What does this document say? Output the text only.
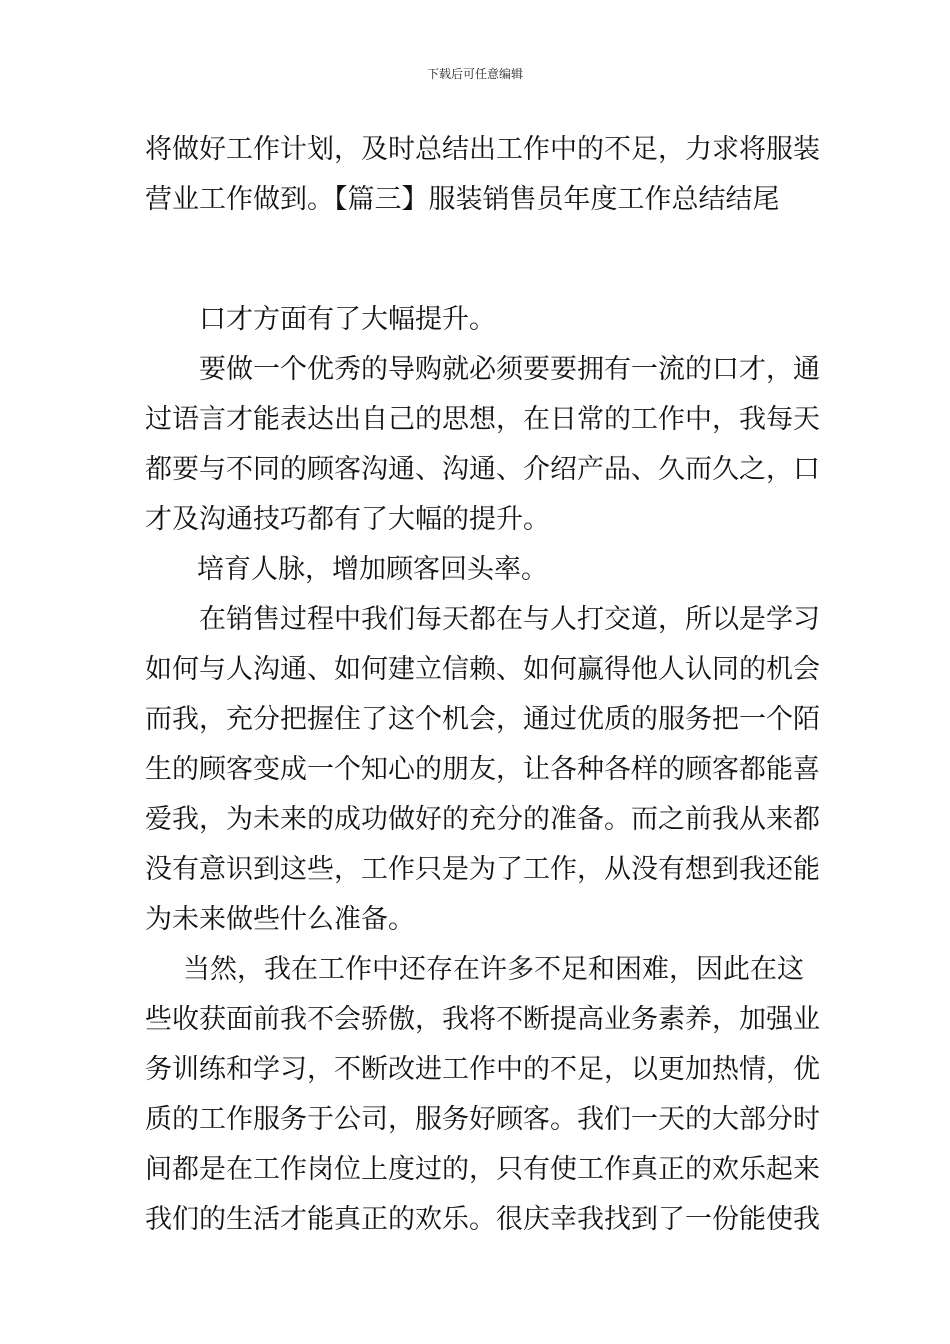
下载后可任意编辑
将做好工作计划，及时总结出工作中的不足，力求将服装
营业工作做到。【篇三】服装销售员年度工作总结结尾
口才方面有了大幅提升。
要做一个优秀的导购就必须要要拥有一流的口才，通
过语言才能表达出自己的思想，在日常的工作中，我每天
都要与不同的顾客沟通、沟通、介绍产品、久而久之，口
才及沟通技巧都有了大幅的提升。
培育人脉，增加顾客回头率。
在销售过程中我们每天都在与人打交道，所以是学习
如何与人沟通、如何建立信赖、如何赢得他人认同的机会
而我，充分把握住了这个机会，通过优质的服务把一个陌
生的顾客变成一个知心的朋友，让各种各样的顾客都能喜
爱我，为未来的成功做好的充分的准备。而之前我从来都
没有意识到这些，工作只是为了工作，从没有想到我还能
为未来做些什么准备。
当然，我在工作中还存在许多不足和困难，因此在这
些收获面前我不会骄傲，我将不断提高业务素养，加强业
务训练和学习，不断改进工作中的不足，以更加热情，优
质的工作服务于公司，服务好顾客。我们一天的大部分时
间都是在工作岗位上度过的，只有使工作真正的欢乐起来
我们的生活才能真正的欢乐。很庆幸我找到了一份能使我
